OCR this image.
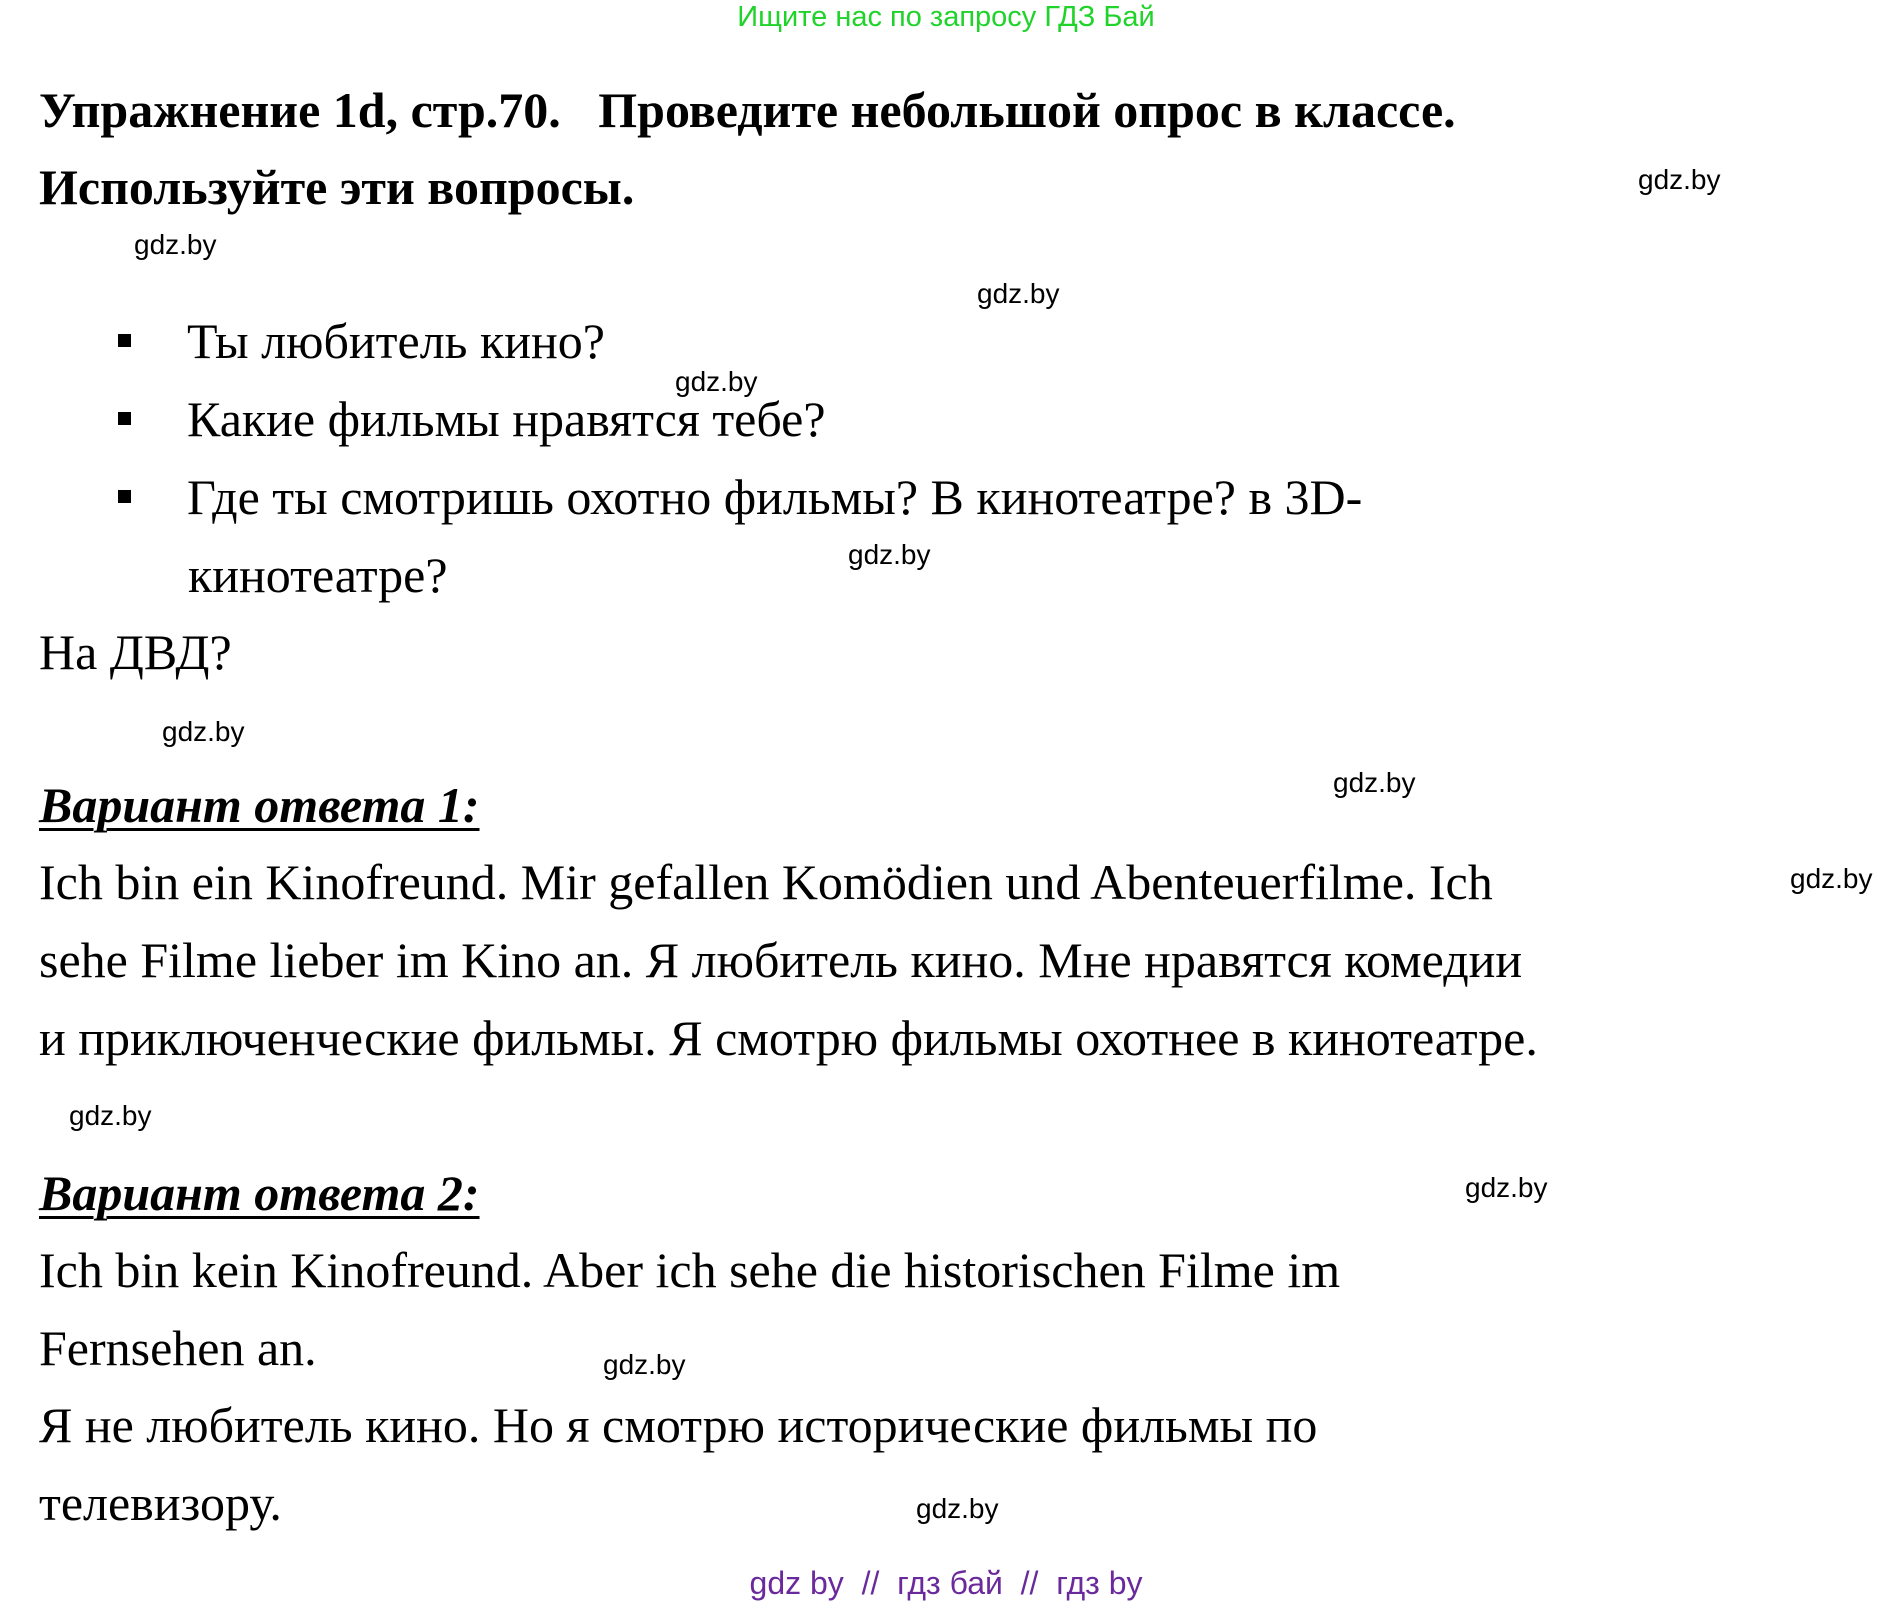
Ищите нас по запросу ГДЗ Бай
Упражнение 1d, стр.70.   Проведите небольшой опрос в классе.
Используйте эти вопросы.
Ты любитель кино?
Какие фильмы нравятся тебе?
Где ты смотришь охотно фильмы? В кинотеатре? в 3D-
кинотеатре?
На ДВД?
Вариант ответа 1:
Ich bin ein Kinofreund. Mir gefallen Komödien und Abenteuerfilme. Ich
sehe Filme lieber im Kino an. Я любитель кино. Мне нравятся комедии
и приключенческие фильмы. Я смотрю фильмы охотнее в кинотеатре.
Вариант ответа 2:
Ich bin kein Kinofreund. Aber ich sehe die historischen Filme im
Fernsehen an.
Я не любитель кино. Но я смотрю исторические фильмы по
телевизору.
gdz.by
gdz.by
gdz.by
gdz.by
gdz.by
gdz.by
gdz.by
gdz.by
gdz.by
gdz.by
gdz.by
gdz.by
gdz by  //  гдз бай  //  гдз by
